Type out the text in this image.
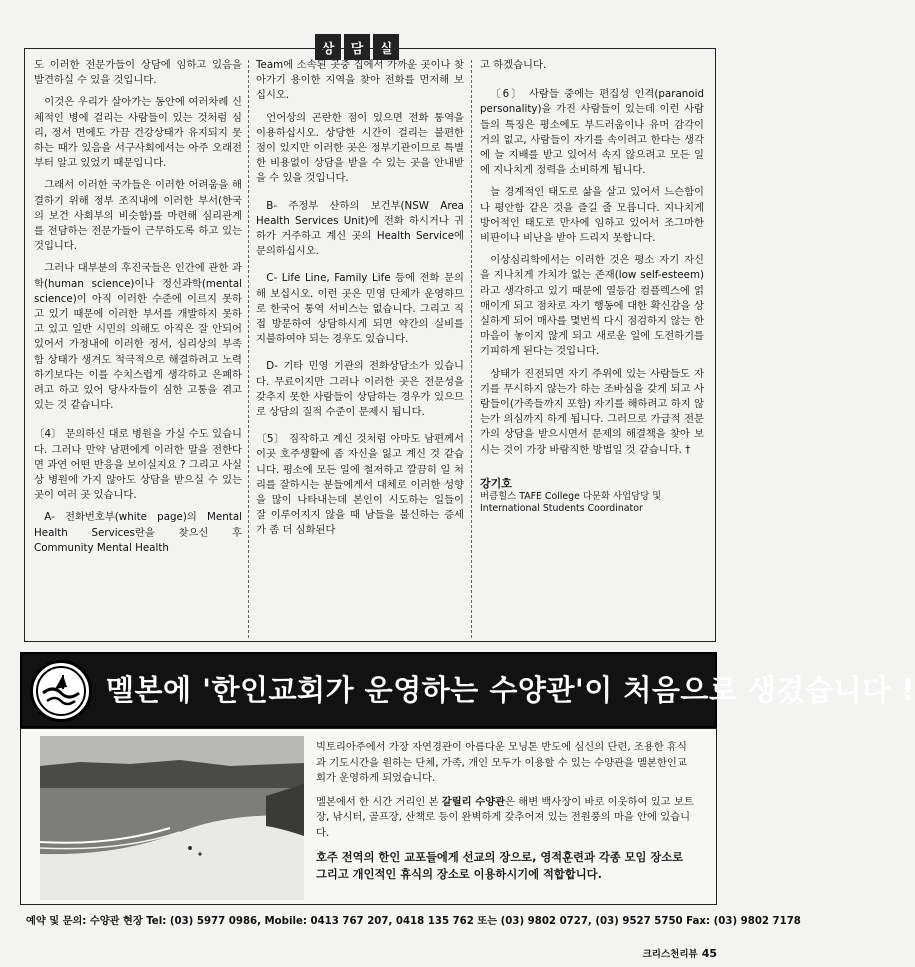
상	담	실

도 이러한 전문가들이 상담에 임하고 있음을 발견하실 수 있을 것입니다.

이것은 우리가 살아가는 동안에 여러차례 신체적인 병에 걸리는 사람들이 있는 것처럼 심리, 정서 면에도 가끔 건강상태가 유지되지 못하는 때가 있음을 서구사회에서는 아주 오래전부터 알고 있었기 때문입니다.

그래서 이러한 국가들은 이러한 어려움을 해결하기 위해 정부 조직내에 이러한 부서(한국의 보건 사회부의 비슷함)를 마련해 심리관계를 전담하는 전문가들이 근무하도록 하고 있는 것입니다.

그러나 대부분의 후진국들은 인간에 관한 과학(human science)이나 정신과학(mental science)이 아직 이러한 수준에 이르지 못하고 있기 때문에 이러한 부서를 개발하지 못하고 있고 일반 시민의 의해도 아직은 잘 안되어 있어서 가정내에 이러한 정서, 심리상의 부족함 상태가 생겨도 적극적으로 해결하려고 노력하기보다는 이를 수치스럽게 생각하고 은폐하려고 하고 있어 당사자들이 심한 고통을 겪고 있는 것 같습니다.

〔4〕 문의하신 대로 병원을 가실 수도 있습니다. 그러나 만약 남편에게 이러한 말을 전한다면 과연 어떤 반응을 보이실지요 ? 그리고 사실상 병원에 가지 않아도 상담을 받으실 수 있는 곳이 여러 곳 있습니다.

A- 전화번호부(white page)의 Mental Health Services란을 찾으신 후 Community Mental Health

Team에 소속된 곳중 집에서 가까운 곳이나 찾아가기 용이한 지역을 찾아 전화를 먼저해 보십시오.

언어상의 곤란한 점이 있으면 전화 통역을 이용하십시오. 상당한 시간이 걸리는 불편한 점이 있지만 이러한 곳은 정부기관이므로 특별한 비용없이 상담을 받을 수 있는 곳을 안내받을 수 있을 것입니다.

B- 주정부 산하의 보건부(NSW Area Health Services Unit)에 전화 하시거나 귀하가 거주하고 계신 곳의 Health Service에 문의하십시오.

C- Life Line, Family Life 등에 전화 문의해 보십시오. 이런 곳은 민영 단체가 운영하므로 한국어 통역 서비스는 없습니다. 그리고 직접 방문하여 상담하시게 되면 약간의 실비를 지불하여야 되는 경우도 있습니다.

D- 기타 민영 기관의 전화상담소가 있습니다. 무료이지만 그러나 이러한 곳은 전문성을 갖추지 못한 사람들이 상담하는 경우가 있으므로 상담의 질적 수준이 문제시 됩니다.

〔5〕 짐작하고 계신 것처럼 아마도 남편께서 이곳 호주생활에 좀 자신을 잃고 계신 것 같습니다. 평소에 모든 일에 철저하고 깔끔히 일 처리를 잘하시는 분들에게서 대체로 이러한 성향을 많이 나타내는데 본인이 시도하는 일들이 잘 이루어지지 않을 때 남들을 불신하는 증세가 좀 더 심화된다

고 하겠습니다.

〔6〕 사람들 중에는 편집성 인격(paranoid personality)을 가진 사람들이 있는데 이런 사람들의 특징은 평소에도 부드러움이나 유머 감각이 거의 없고, 사람들이 자기를 속이려고 한다는 생각에 늘 지배를 받고 있어서 속지 않으려고 모든 일에 지나치게 정력을 소비하게 됩니다.

늘 경계적인 태도로 삶을 살고 있어서 느슨함이나 평안함 같은 것을 즐길 줄 모릅니다. 지나치게 방어적인 태도로 만사에 임하고 있어서 조그마한 비판이나 비난을 받아 드리지 못합니다.

이상심리학에서는 이러한 것은 평소 자기 자신을 지나치게 가치가 없는 존재(low self-esteem)라고 생각하고 있기 때문에 열등감 컴플렉스에 얽매이게 되고 점차로 자기 행동에 대한 확신감을 상실하게 되어 매사를 몇번씩 다시 점검하지 않는 한 마음이 놓이지 않게 되고 새로운 일에 도전하기를 기피하게 된다는 것입니다.

상태가 진전되면 자기 주위에 있는 사람들도 자기를 무시하지 않는가 하는 조바심을 갖게 되고 사람들이(가족들까지 포함) 자기를 해하려고 하지 않는가 의심까지 하게 됩니다. 그러므로 가급적 전문가의 상담을 받으시면서 문제의 해결책을 찾아 보시는 것이 가장 바람직한 방법일 것 같습니다. †

강기호
버큼힐스 TAFE College 다문화 사업담당 및 International Students Coordinator
멜본에 '한인교회가 운영하는 수양관'이 처음으로 생겼습니다 !

빅토리아주에서 가장 자연경관이 아름다운 모닝톤 반도에 심신의 단련, 조용한 휴식과 기도시간을 원하는 단체, 가족, 개인 모두가 이용할 수 있는 수양관을 멜본한인교회가 운영하게 되었습니다.

멜본에서 한 시간 거리인 본 갈릴리 수양관은 해변 백사장이 바로 이웃하여 있고 보트장, 낚시터, 골프장, 산책로 등이 완벽하게 갖추어져 있는 전원풍의 마을 안에 있습니다.

호주 전역의 한인 교포들에게 선교의 장으로, 영적훈련과 각종 모임 장소로 그리고 개인적인 휴식의 장소로 이용하시기에 적합합니다.

예약 및 문의: 수양관 현장 Tel: (03) 5977 0986, Mobile: 0413 767 207, 0418 135 762 또는 (03) 9802 0727, (03) 9527 5750 Fax: (03) 9802 7178
크리스천리뷰 45
